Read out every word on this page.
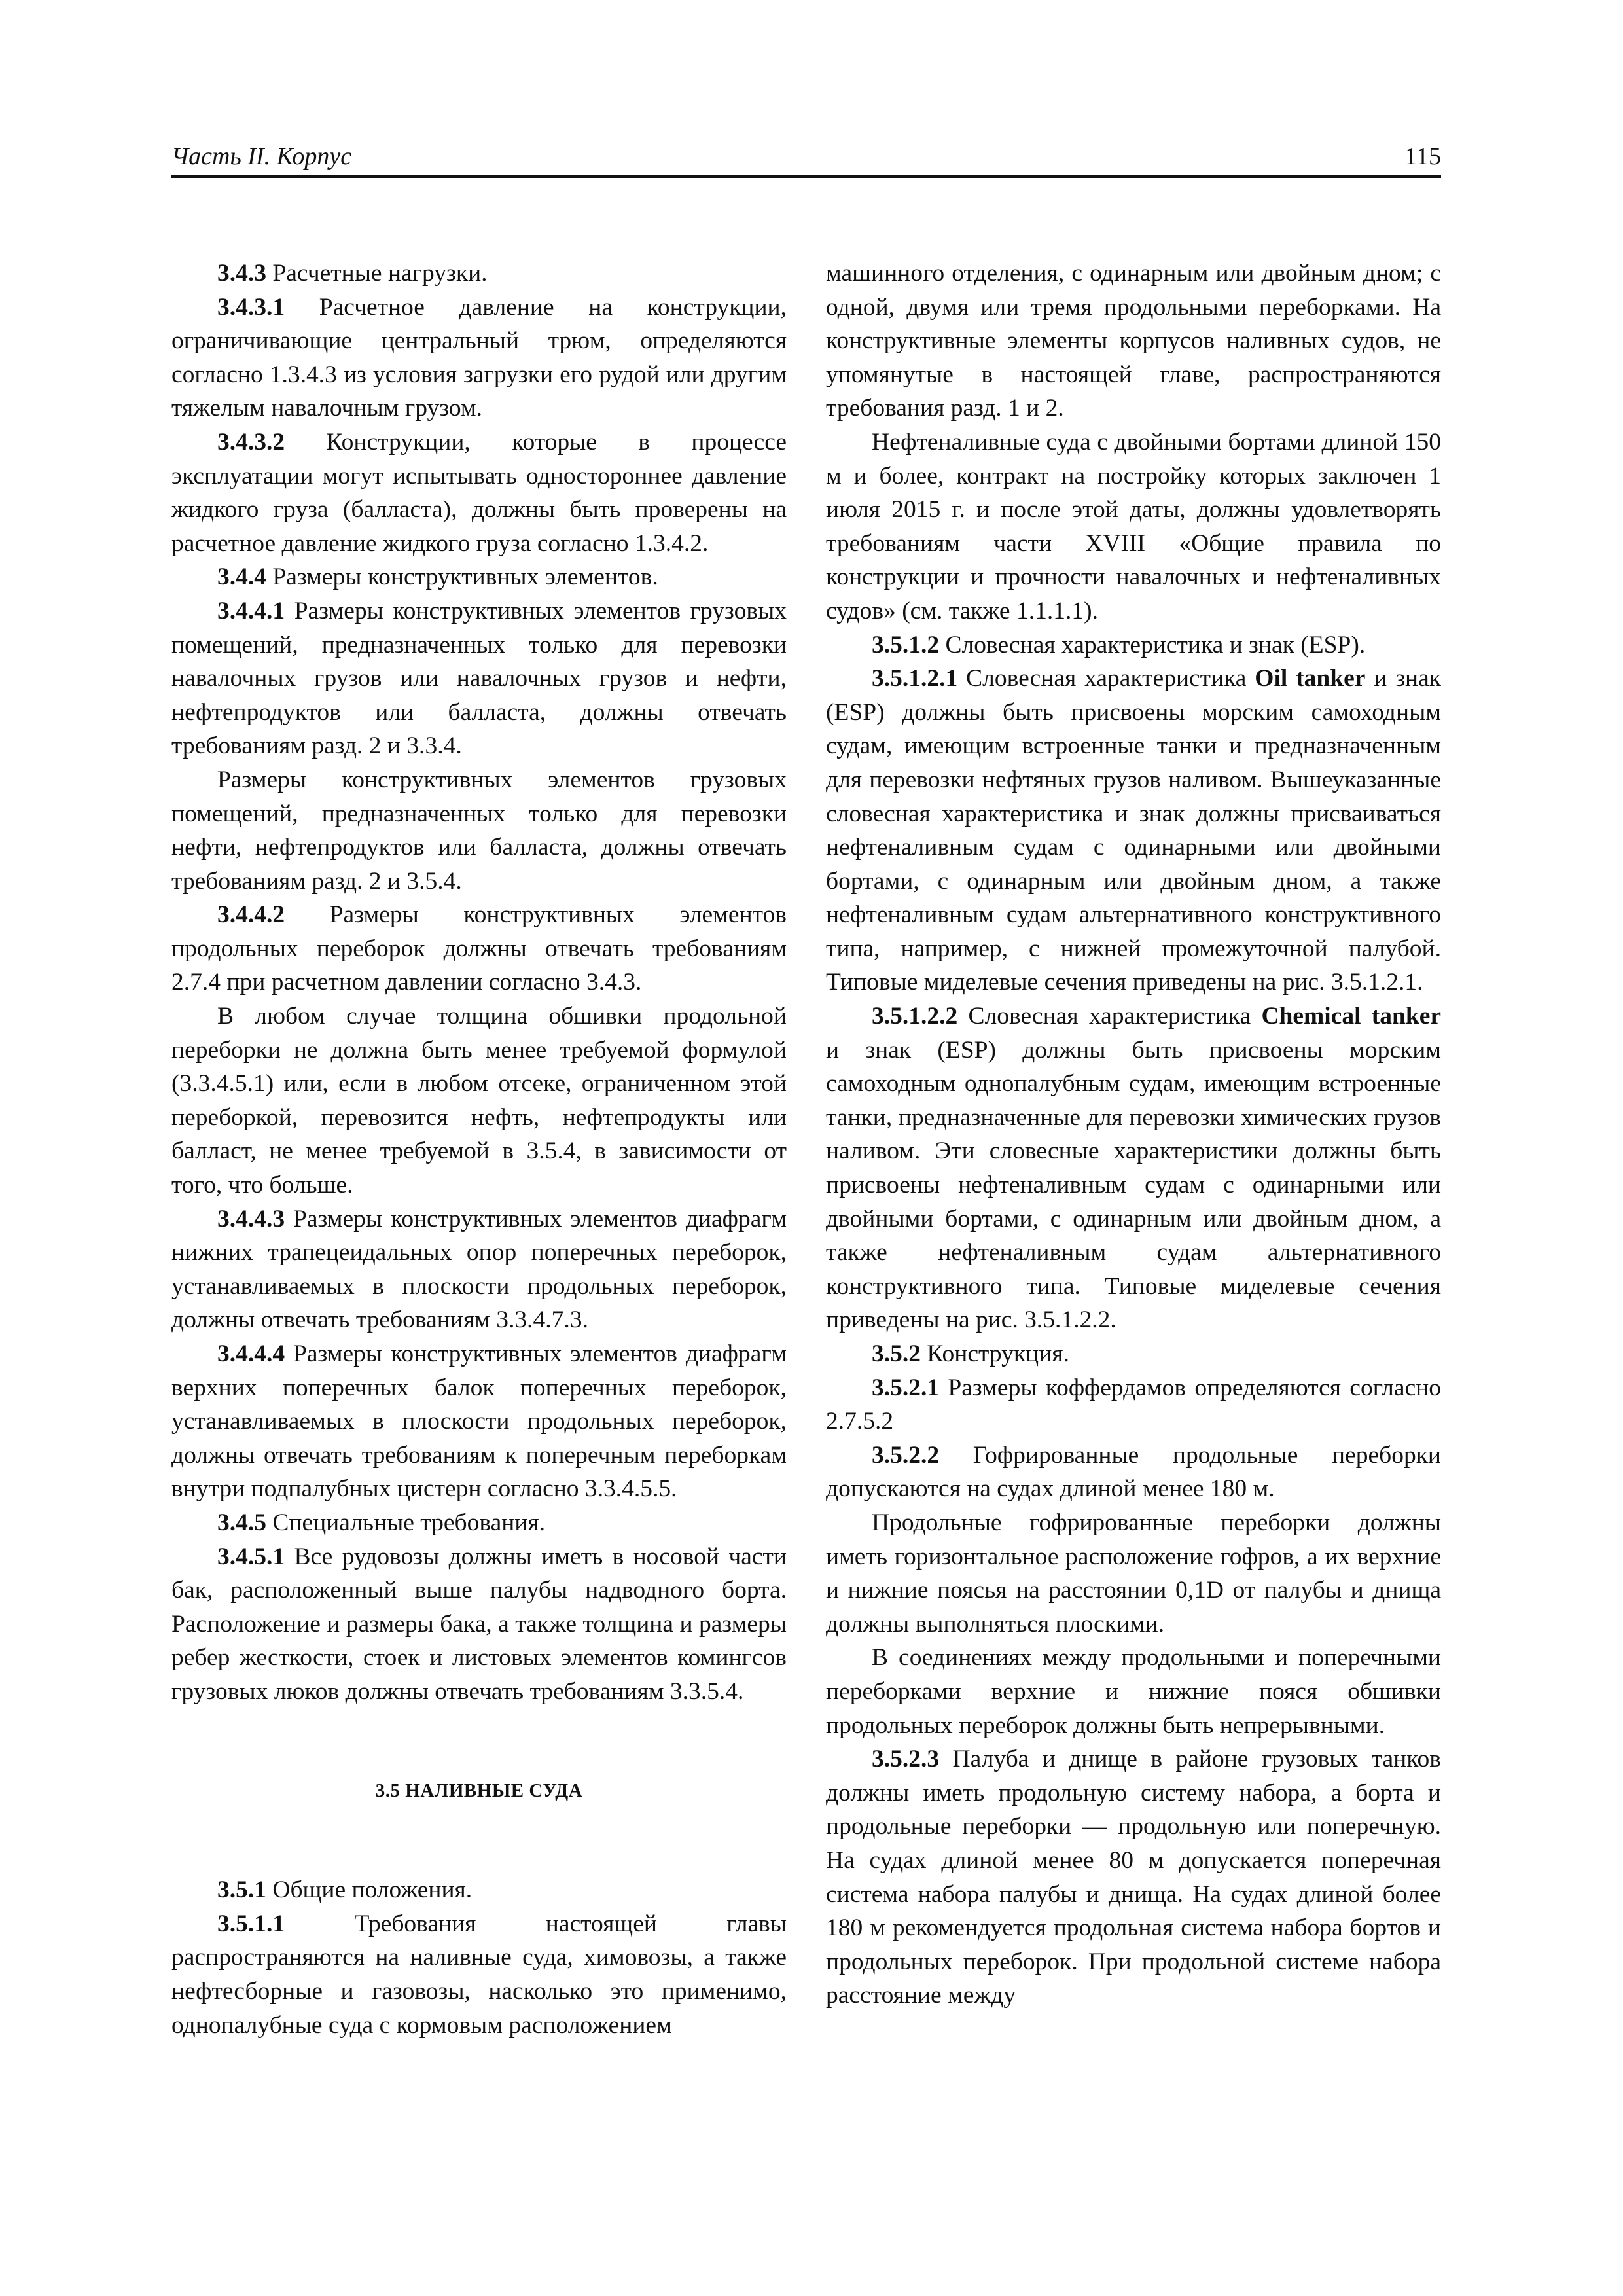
Часть II. Корпус	115

3.4.3 Расчетные нагрузки.

3.4.3.1 Расчетное давление на конструкции, ограничивающие центральный трюм, определяются согласно 1.3.4.3 из условия загрузки его рудой или другим тяжелым навалочным грузом.

3.4.3.2 Конструкции, которые в процессе эксплуатации могут испытывать одностороннее давление жидкого груза (балласта), должны быть проверены на расчетное давление жидкого груза согласно 1.3.4.2.

3.4.4 Размеры конструктивных элементов.

3.4.4.1 Размеры конструктивных элементов грузовых помещений, предназначенных только для перевозки навалочных грузов или навалочных грузов и нефти, нефтепродуктов или балласта, должны отвечать требованиям разд. 2 и 3.3.4.

Размеры конструктивных элементов грузовых помещений, предназначенных только для перевозки нефти, нефтепродуктов или балласта, должны отвечать требованиям разд. 2 и 3.5.4.

3.4.4.2 Размеры конструктивных элементов продольных переборок должны отвечать требованиям 2.7.4 при расчетном давлении согласно 3.4.3.

В любом случае толщина обшивки продольной переборки не должна быть менее требуемой формулой (3.3.4.5.1) или, если в любом отсеке, ограниченном этой переборкой, перевозится нефть, нефтепродукты или балласт, не менее требуемой в 3.5.4, в зависимости от того, что больше.

3.4.4.3 Размеры конструктивных элементов диафрагм нижних трапецеидальных опор поперечных переборок, устанавливаемых в плоскости продольных переборок, должны отвечать требованиям 3.3.4.7.3.

3.4.4.4 Размеры конструктивных элементов диафрагм верхних поперечных балок поперечных переборок, устанавливаемых в плоскости продольных переборок, должны отвечать требованиям к поперечным переборкам внутри подпалубных цистерн согласно 3.3.4.5.5.

3.4.5 Специальные требования.

3.4.5.1 Все рудовозы должны иметь в носовой части бак, расположенный выше палубы надводного борта. Расположение и размеры бака, а также толщина и размеры ребер жесткости, стоек и листовых элементов комингсов грузовых люков должны отвечать требованиям 3.3.5.4.

3.5 НАЛИВНЫЕ СУДА

3.5.1 Общие положения.

3.5.1.1 Требования настоящей главы распространяются на наливные суда, химовозы, а также нефтесборные и газовозы, насколько это применимо, однопалубные суда с кормовым расположением

машинного отделения, с одинарным или двойным дном; с одной, двумя или тремя продольными переборками. На конструктивные элементы корпусов наливных судов, не упомянутые в настоящей главе, распространяются требования разд. 1 и 2.

Нефтеналивные суда с двойными бортами длиной 150 м и более, контракт на постройку которых заключен 1 июля 2015 г. и после этой даты, должны удовлетворять требованиям части XVIII «Общие правила по конструкции и прочности навалочных и нефтеналивных судов» (см. также 1.1.1.1).

3.5.1.2 Словесная характеристика и знак (ESP).

3.5.1.2.1 Словесная характеристика Oil tanker и знак (ESP) должны быть присвоены морским самоходным судам, имеющим встроенные танки и предназначенным для перевозки нефтяных грузов наливом. Вышеуказанные словесная характеристика и знак должны присваиваться нефтеналивным судам с одинарными или двойными бортами, с одинарным или двойным дном, а также нефтеналивным судам альтернативного конструктивного типа, например, с нижней промежуточной палубой. Типовые миделевые сечения приведены на рис. 3.5.1.2.1.

3.5.1.2.2 Словесная характеристика Chemical tanker и знак (ESP) должны быть присвоены морским самоходным однопалубным судам, имеющим встроенные танки, предназначенные для перевозки химических грузов наливом. Эти словесные характеристики должны быть присвоены нефтеналивным судам с одинарными или двойными бортами, с одинарным или двойным дном, а также нефтеналивным судам альтернативного конструктивного типа. Типовые миделевые сечения приведены на рис. 3.5.1.2.2.

3.5.2 Конструкция.

3.5.2.1 Размеры коффердамов определяются согласно 2.7.5.2

3.5.2.2 Гофрированные продольные переборки допускаются на судах длиной менее 180 м.

Продольные гофрированные переборки должны иметь горизонтальное расположение гофров, а их верхние и нижние поясья на расстоянии 0,1D от палубы и днища должны выполняться плоскими.

В соединениях между продольными и поперечными переборками верхние и нижние пояся обшивки продольных переборок должны быть непрерывными.

3.5.2.3 Палуба и днище в районе грузовых танков должны иметь продольную систему набора, а борта и продольные переборки — продольную или поперечную. На судах длиной менее 80 м допускается поперечная система набора палубы и днища. На судах длиной более 180 м рекомендуется продольная система набора бортов и продольных переборок. При продольной системе набора расстояние между
